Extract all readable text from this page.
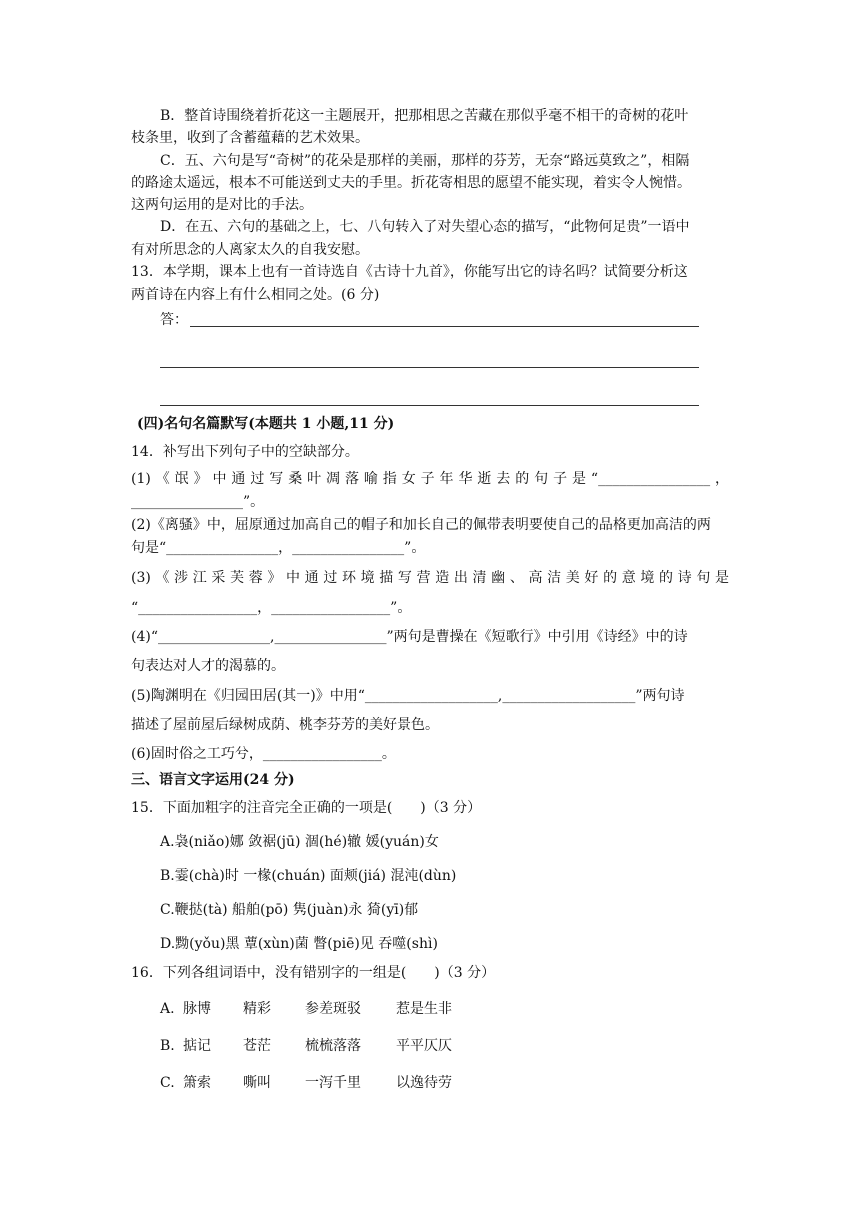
B．整首诗围绕着折花这一主题展开，把那相思之苦藏在那似乎毫不相干的奇树的花叶
枝条里，收到了含蓄蕴藉的艺术效果。
C．五、六句是写“奇树”的花朵是那样的美丽，那样的芬芳，无奈“路远莫致之”，相隔
的路途太遥远，根本不可能送到丈夫的手里。折花寄相思的愿望不能实现，着实令人惋惜。
这两句运用的是对比的手法。
D．在五、六句的基础之上，七、八句转入了对失望心态的描写，“此物何足贵”一语中
有对所思念的人离家太久的自我安慰。
13．本学期，课本上也有一首诗选自《古诗十九首》，你能写出它的诗名吗？试简要分析这
两首诗在内容上有什么相同之处。(6 分)
答：
(四)名句名篇默写(本题共 1 小题,11 分)
14．补写出下列句子中的空缺部分。
(1)《氓》中通过写桑叶凋落喻指女子年华逝去的句子是“________________，
________________”。
(2)《离骚》中，屈原通过加高自己的帽子和加长自己的佩带表明要使自己的品格更加高洁的两
句是“________________，________________”。
(3)《涉江采芙蓉》中通过环境描写营造出清幽、高洁美好的意境的诗句是
“_________________，_________________”。
(4)“________________,________________”两句是曹操在《短歌行》中引用《诗经》中的诗
句表达对人才的渴慕的。
(5)陶渊明在《归园田居(其一)》中用“___________________,___________________”两句诗
描述了屋前屋后绿树成荫、桃李芬芳的美好景色。
(6)固时俗之工巧兮，_________________。
三、语言文字运用(24 分)
15．下面加粗字的注音完全正确的一项是(　　)（3 分）
A.袅(niǎo)娜 敛裾(jū) 涸(hé)辙 媛(yuán)女
B.霎(chà)时 一椽(chuán) 面颊(jiá) 混沌(dùn)
C.鞭挞(tà) 船舶(pō) 隽(juàn)永 猗(yī)郁
D.黝(yǒu)黑 蕈(xùn)菌 瞥(piē)见 吞噬(shì)
16．下列各组词语中，没有错别字的一组是(　　)（3 分）
A. 脉博 精彩 参差斑驳	惹是生非
B. 掂记 苍茫 梳梳落落	平平仄仄
C. 箫索 嘶叫 一泻千里	以逸待劳
